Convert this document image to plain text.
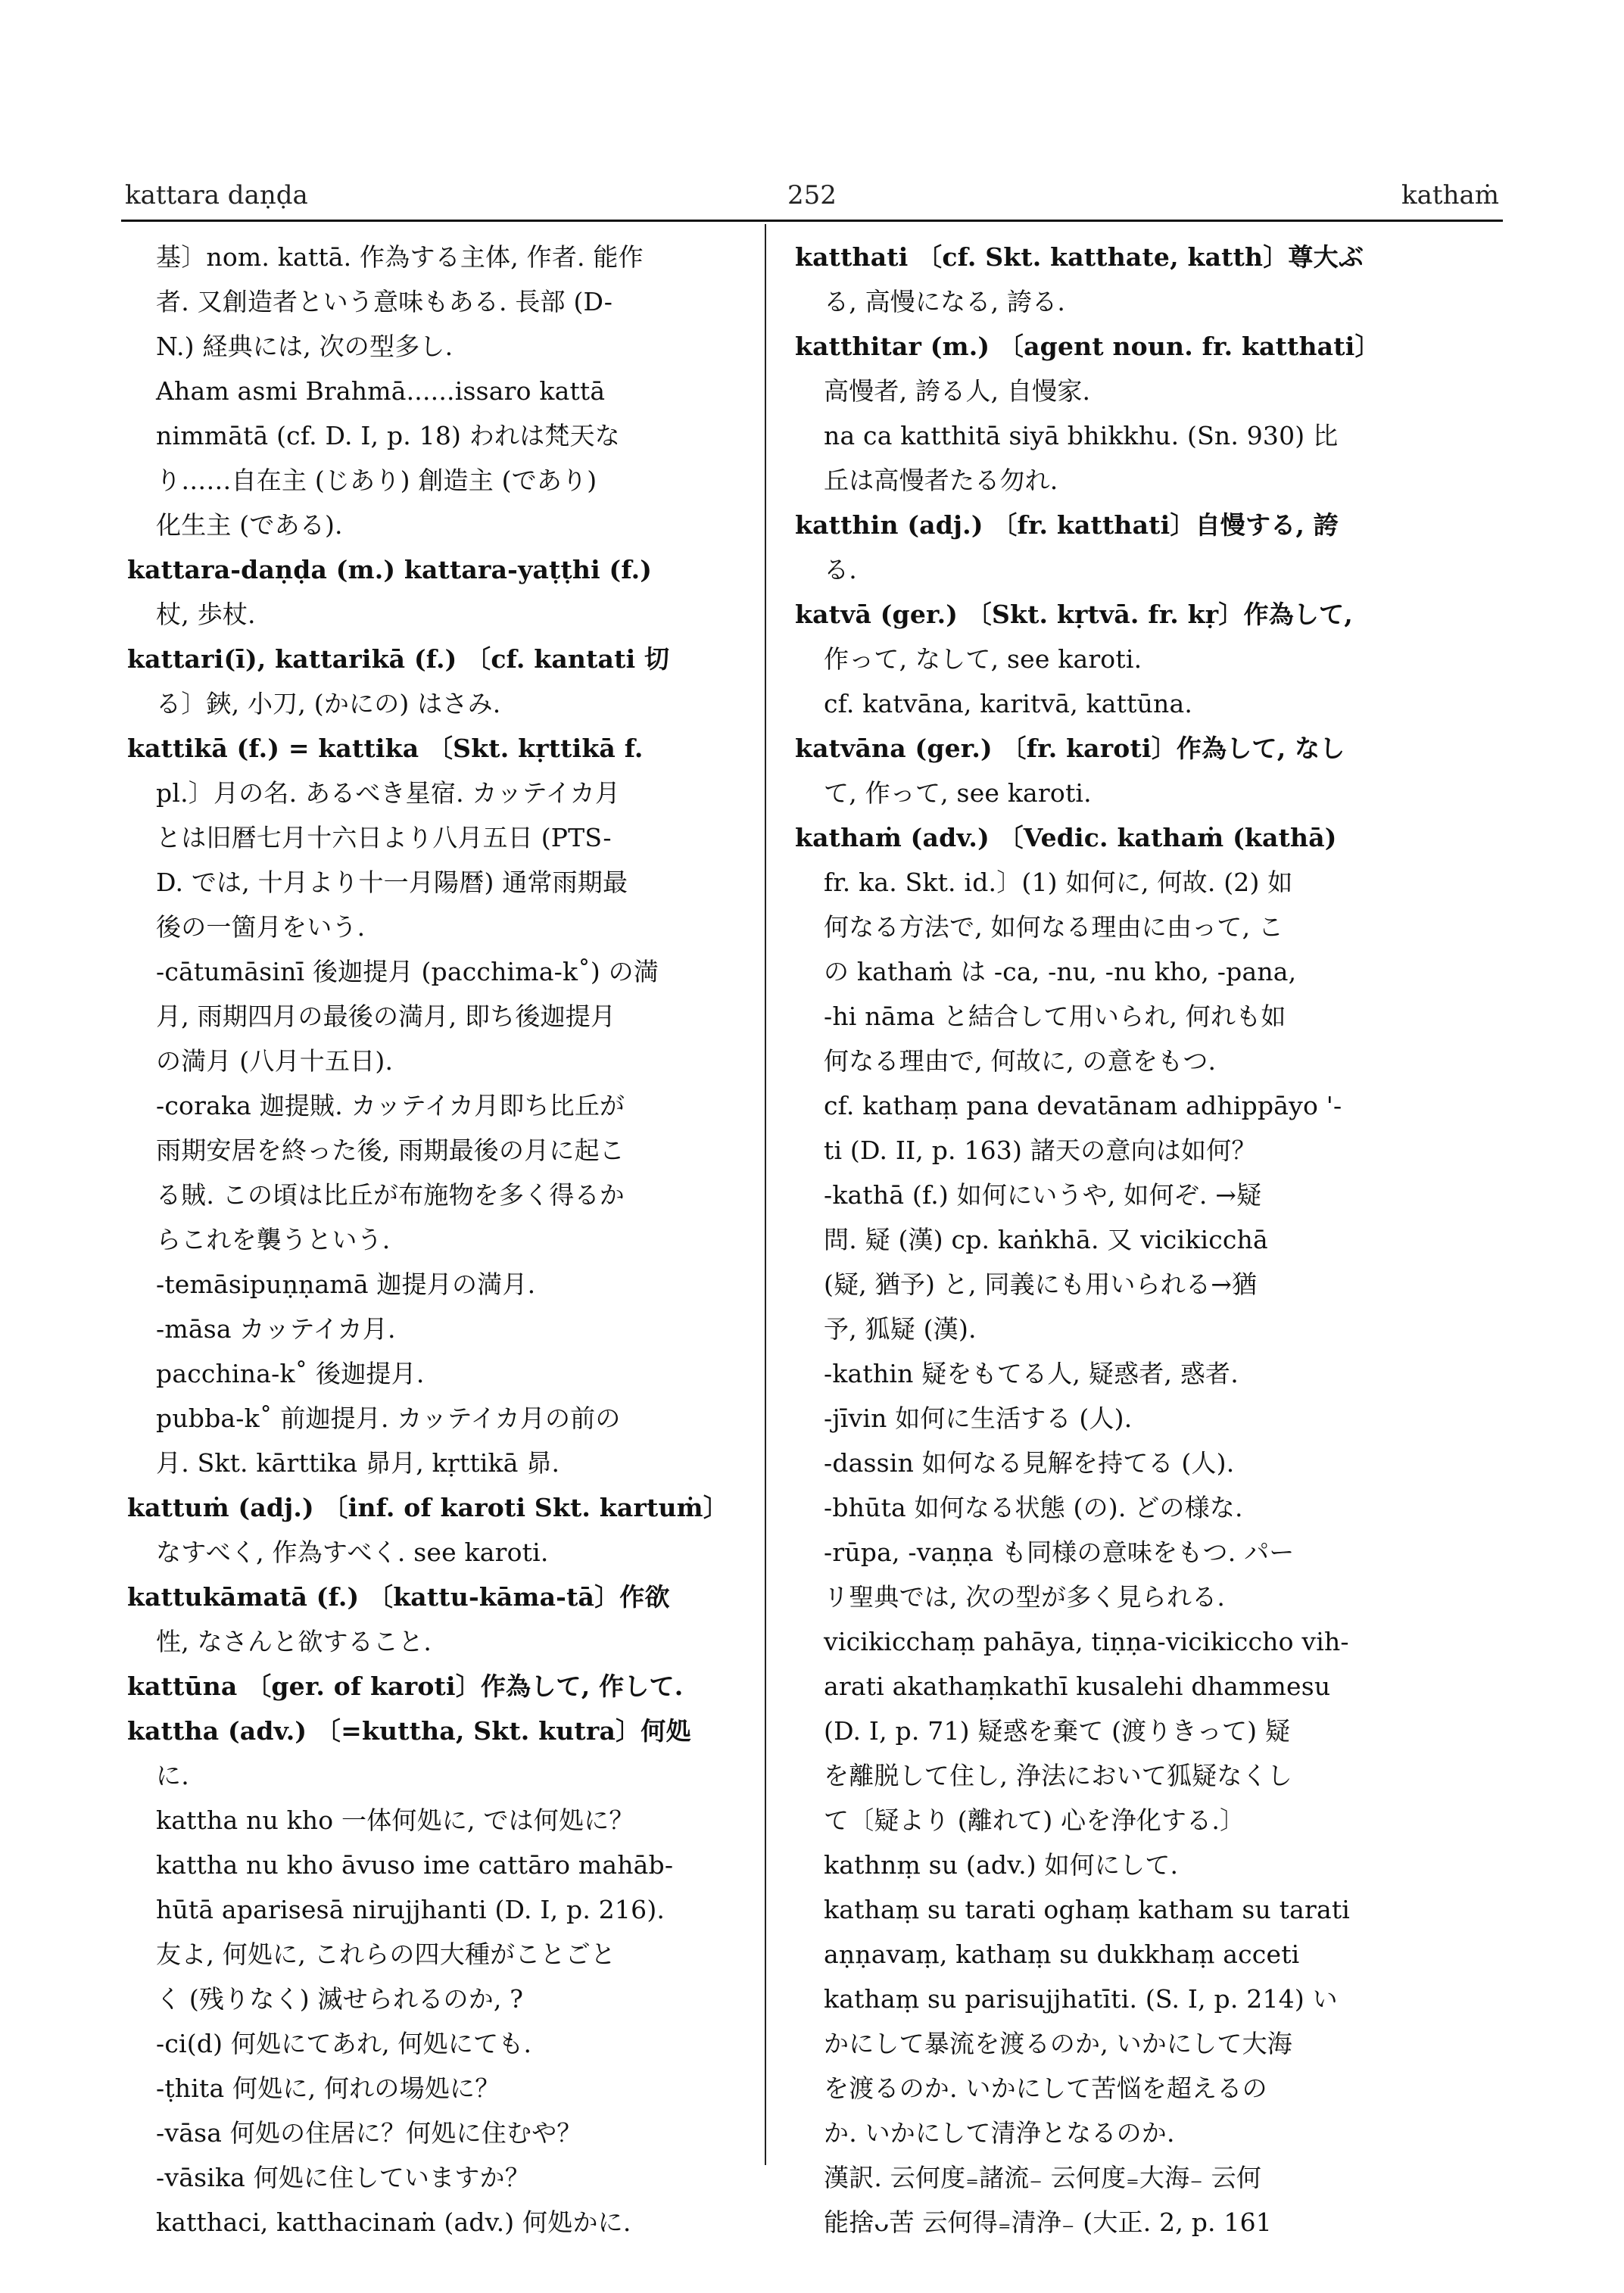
kattara daṇḍa	252	kathaṁ
基〕nom. kattā. 作為する主体, 作者. 能作
者. 又創造者という意味もある. 長部 (D-
N.) 経典には, 次の型多し.
Aham asmi Brahmā......issaro kattā
nimmātā (cf. D. I, p. 18) われは梵天な
り……自在主 (じあり) 創造主 (であり)
化生主 (である).
kattara-daṇḍa (m.) kattara-yaṭṭhi (f.)
杖, 歩杖.
kattari(ī), kattarikā (f.) 〔cf. kantati 切
る〕鋏, 小刀, (かにの) はさみ.
kattikā (f.) = kattika 〔Skt. kṛttikā f.
pl.〕月の名. あるべき星宿. カッテイカ月
とは旧暦七月十六日より八月五日 (PTS-
D. では, 十月より十一月陽暦) 通常雨期最
後の一箇月をいう.
-cātumāsinī 後迦提月 (pacchima-k˚) の満
月, 雨期四月の最後の満月, 即ち後迦提月
の満月 (八月十五日).
-coraka 迦提賊. カッテイカ月即ち比丘が
雨期安居を終った後, 雨期最後の月に起こ
る賊. この頃は比丘が布施物を多く得るか
らこれを襲うという.
-temāsipuṇṇamā 迦提月の満月.
-māsa カッテイカ月.
pacchina-k˚ 後迦提月.
pubba-k˚ 前迦提月. カッテイカ月の前の
月. Skt. kārttika 昴月, kṛttikā 昴.
kattuṁ (adj.) 〔inf. of karoti Skt. kartuṁ〕
なすべく, 作為すべく. see karoti.
kattukāmatā (f.) 〔kattu-kāma-tā〕作欲
性, なさんと欲すること.
kattūna 〔ger. of karoti〕作為して, 作して.
kattha (adv.) 〔=kuttha, Skt. kutra〕何処
に.
kattha nu kho 一体何処に, では何処に？
kattha nu kho āvuso ime cattāro mahāb-
hūtā aparisesā nirujjhanti (D. I, p. 216).
友よ, 何処に, これらの四大種がことごと
く (残りなく) 滅せられるのか, ?
-ci(d) 何処にてあれ, 何処にても.
-ṭhita 何処に, 何れの場処に？
-vāsa 何処の住居に？何処に住むや？
-vāsika 何処に住していますか？
katthaci, katthacinaṁ (adv.) 何処かに.
katthati 〔cf. Skt. katthate, katth〕尊大ぶ
る, 高慢になる, 誇る.
katthitar (m.) 〔agent noun. fr. katthati〕
高慢者, 誇る人, 自慢家.
na ca katthitā siyā bhikkhu. (Sn. 930) 比
丘は高慢者たる勿れ.
katthin (adj.) 〔fr. katthati〕自慢する, 誇
る.
katvā (ger.) 〔Skt. kṛtvā. fr. kṛ〕作為して,
作って, なして, see karoti.
cf. katvāna, karitvā, kattūna.
katvāna (ger.) 〔fr. karoti〕作為して, なし
て, 作って, see karoti.
kathaṁ (adv.) 〔Vedic. kathaṁ (kathā)
fr. ka. Skt. id.〕(1) 如何に, 何故. (2) 如
何なる方法で, 如何なる理由に由って, こ
の kathaṁ は -ca, -nu, -nu kho, -pana,
-hi nāma と結合して用いられ, 何れも如
何なる理由で, 何故に, の意をもつ.
cf. kathaṃ pana devatānam adhippāyo '-
ti (D. II, p. 163) 諸天の意向は如何？
-kathā (f.) 如何にいうや, 如何ぞ. →疑
問. 疑 (漢) cp. kaṅkhā. 又 vicikicchā
(疑, 猶予) と, 同義にも用いられる→猶
予, 狐疑 (漢).
-kathin 疑をもてる人, 疑惑者, 惑者.
-jīvin 如何に生活する (人).
-dassin 如何なる見解を持てる (人).
-bhūta 如何なる状態 (の). どの様な.
-rūpa, -vaṇṇa も同様の意味をもつ. パー
リ聖典では, 次の型が多く見られる.
vicikicchaṃ pahāya, tiṇṇa-vicikiccho vih-
arati akathaṃkathī kusalehi dhammesu
(D. I, p. 71) 疑惑を棄て (渡りきって) 疑
を離脱して住し, 浄法において狐疑なくし
て〔疑より (離れて) 心を浄化する.〕
kathnṃ su (adv.) 如何にして.
kathaṃ su tarati oghaṃ katham su tarati
aṇṇavaṃ, kathaṃ su dukkhaṃ acceti
kathaṃ su parisujjhatīti. (S. I, p. 214) い
かにして暴流を渡るのか, いかにして大海
を渡るのか. いかにして苦悩を超えるの
か. いかにして清浄となるのか.
漢訳. 云何度₌諸流₋ 云何度₌大海₋ 云何
能捨ᴗ苦 云何得₌清浄₋ (大正. 2, p. 161
